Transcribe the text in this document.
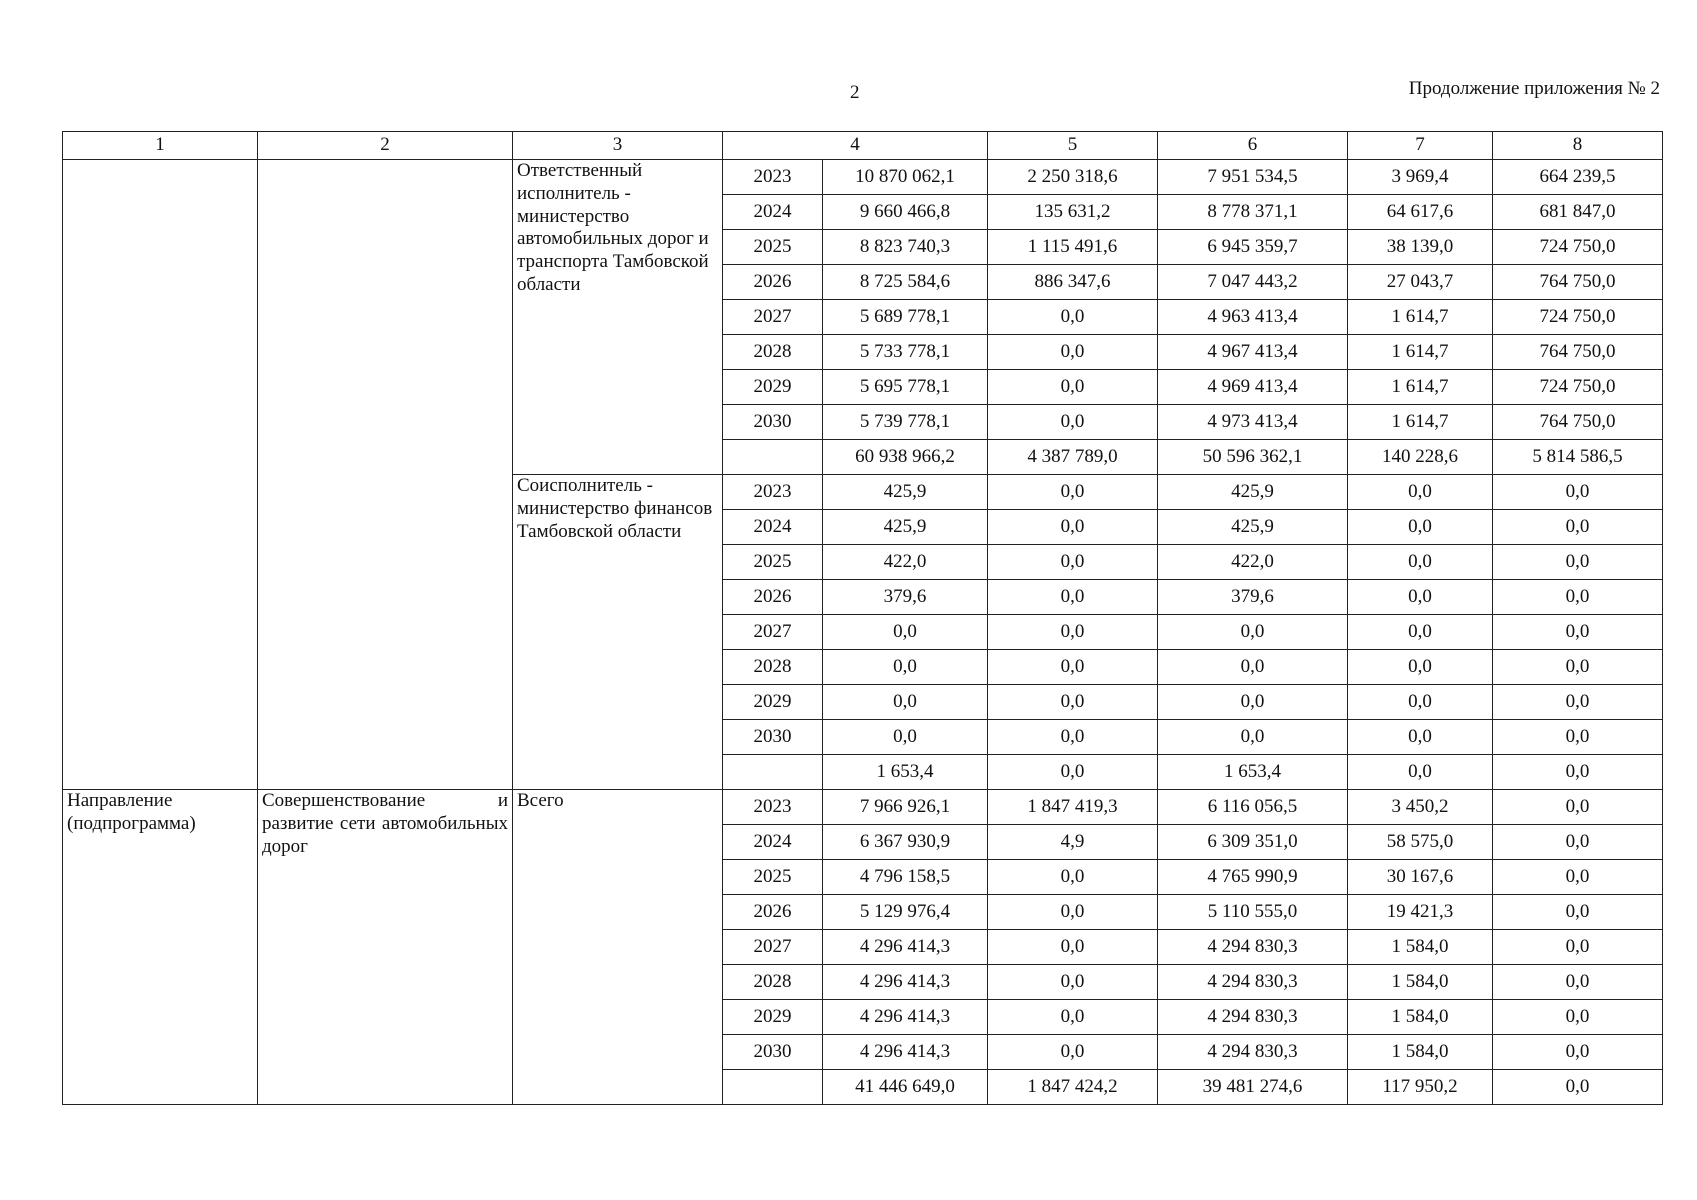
2	Продолжение приложения № 2
1	2	3	4		5	6	7	8
		Ответственный исполнитель - министерство автомобильных дорог и транспорта Тамбовской области	2023	10 870 062,1	2 250 318,6	7 951 534,5	3 969,4	664 239,5
			2024	9 660 466,8	135 631,2	8 778 371,1	64 617,6	681 847,0
			2025	8 823 740,3	1 115 491,6	6 945 359,7	38 139,0	724 750,0
			2026	8 725 584,6	886 347,6	7 047 443,2	27 043,7	764 750,0
			2027	5 689 778,1	0,0	4 963 413,4	1 614,7	724 750,0
			2028	5 733 778,1	0,0	4 967 413,4	1 614,7	764 750,0
			2029	5 695 778,1	0,0	4 969 413,4	1 614,7	724 750,0
			2030	5 739 778,1	0,0	4 973 413,4	1 614,7	764 750,0
				60 938 966,2	4 387 789,0	50 596 362,1	140 228,6	5 814 586,5
		Соисполнитель - министерство финансов Тамбовской области	2023	425,9	0,0	425,9	0,0	0,0
			2024	425,9	0,0	425,9	0,0	0,0
			2025	422,0	0,0	422,0	0,0	0,0
			2026	379,6	0,0	379,6	0,0	0,0
			2027	0,0	0,0	0,0	0,0	0,0
			2028	0,0	0,0	0,0	0,0	0,0
			2029	0,0	0,0	0,0	0,0	0,0
			2030	0,0	0,0	0,0	0,0	0,0
				1 653,4	0,0	1 653,4	0,0	0,0
Направление (подпрограмма)	Совершенствование и развитие сети автомобильных дорог	Всего	2023	7 966 926,1	1 847 419,3	6 116 056,5	3 450,2	0,0
			2024	6 367 930,9	4,9	6 309 351,0	58 575,0	0,0
			2025	4 796 158,5	0,0	4 765 990,9	30 167,6	0,0
			2026	5 129 976,4	0,0	5 110 555,0	19 421,3	0,0
			2027	4 296 414,3	0,0	4 294 830,3	1 584,0	0,0
			2028	4 296 414,3	0,0	4 294 830,3	1 584,0	0,0
			2029	4 296 414,3	0,0	4 294 830,3	1 584,0	0,0
			2030	4 296 414,3	0,0	4 294 830,3	1 584,0	0,0
				41 446 649,0	1 847 424,2	39 481 274,6	117 950,2	0,0
